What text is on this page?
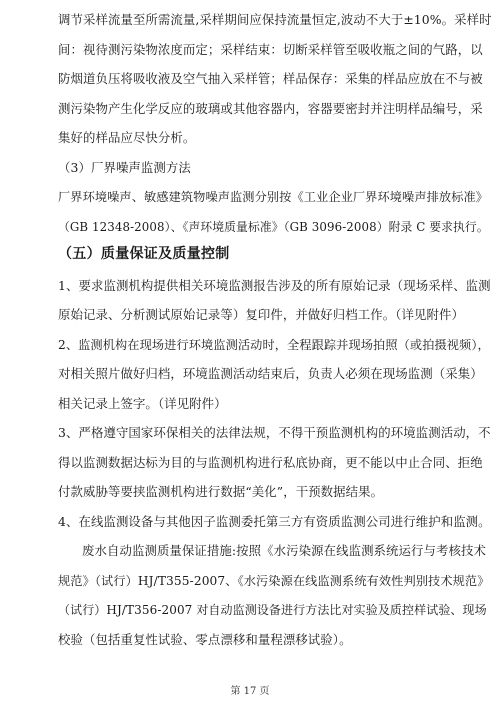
调节采样流量至所需流量,采样期间应保持流量恒定,波动不大于±10%。采样时
间：视待测污染物浓度而定；采样结束：切断采样管至吸收瓶之间的气路，以
防烟道负压将吸收液及空气抽入采样管；样品保存：采集的样品应放在不与被
测污染物产生化学反应的玻璃或其他容器内，容器要密封并注明样品编号，采
集好的样品应尽快分析。
（3）厂界噪声监测方法
厂界环境噪声、敏感建筑物噪声监测分别按《工业企业厂界环境噪声排放标准》
（GB 12348-2008）、《声环境质量标准》（GB 3096-2008）附录 C 要求执行。
（五）质量保证及质量控制
1、要求监测机构提供相关环境监测报告涉及的所有原始记录（现场采样、监测
原始记录、分析测试原始记录等）复印件，并做好归档工作。（详见附件）
2、监测机构在现场进行环境监测活动时，全程跟踪并现场拍照（或拍摄视频），
对相关照片做好归档，环境监测活动结束后，负责人必须在现场监测（采集）
相关记录上签字。（详见附件）
3、严格遵守国家环保相关的法律法规，不得干预监测机构的环境监测活动，不
得以监测数据达标为目的与监测机构进行私底协商，更不能以中止合同、拒绝
付款威胁等要挟监测机构进行数据“美化”，干预数据结果。
4、在线监测设备与其他因子监测委托第三方有资质监测公司进行维护和监测。
废水自动监测质量保证措施:按照《水污染源在线监测系统运行与考核技术
规范》（试行）HJ/T355-2007、《水污染源在线监测系统有效性判别技术规范》
（试行）HJ/T356-2007 对自动监测设备进行方法比对实验及质控样试验、现场
校验（包括重复性试验、零点漂移和量程漂移试验）。
第 17 页
